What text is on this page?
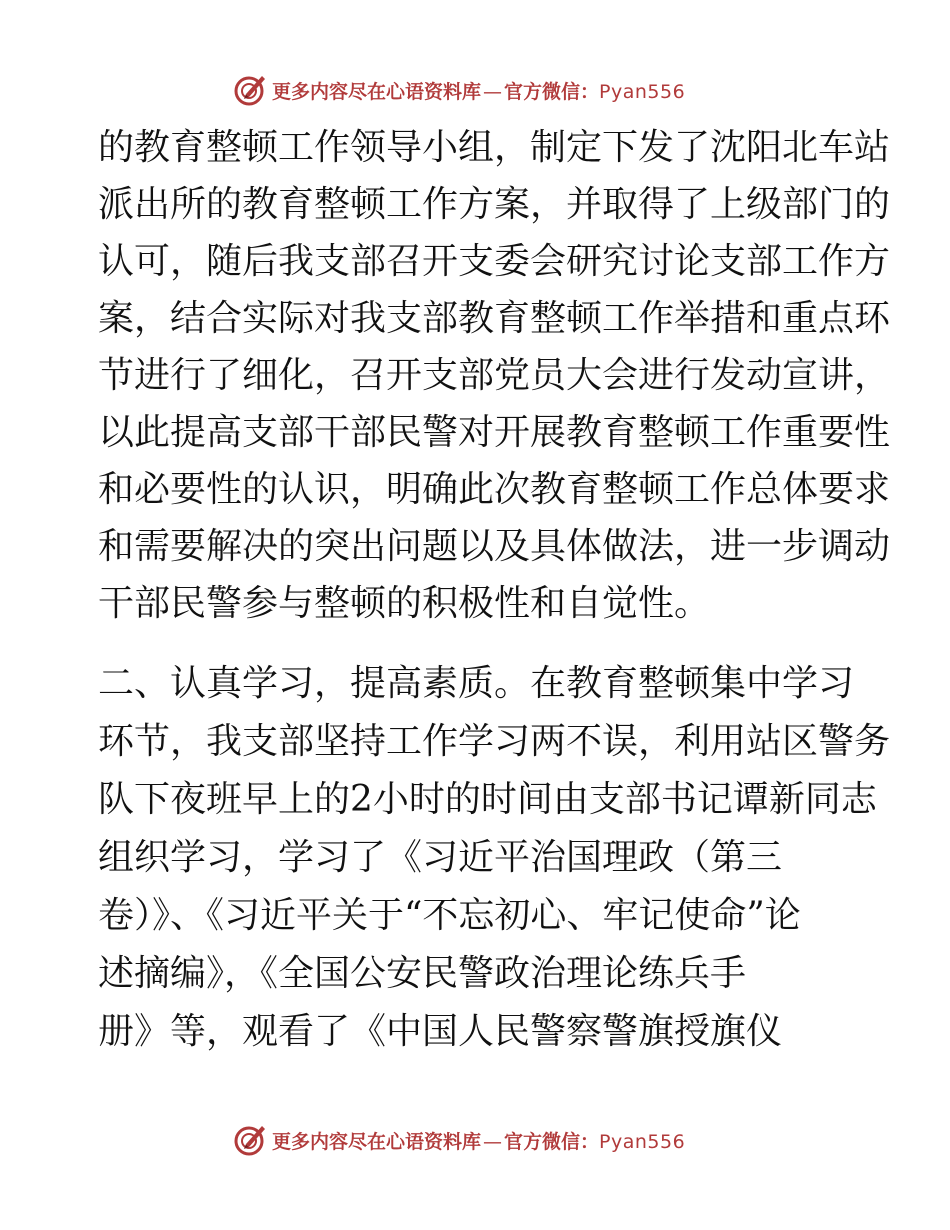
更多内容尽在心语资料库 — 官方微信：Pyan556
的教育整顿工作领导小组，制定下发了沈阳北车站
派出所的教育整顿工作方案，并取得了上级部门的
认可，随后我支部召开支委会研究讨论支部工作方
案，结合实际对我支部教育整顿工作举措和重点环
节进行了细化，召开支部党员大会进行发动宣讲，
以此提高支部干部民警对开展教育整顿工作重要性
和必要性的认识，明确此次教育整顿工作总体要求
和需要解决的突出问题以及具体做法，进一步调动
干部民警参与整顿的积极性和自觉性。
二、认真学习，提高素质。在教育整顿集中学习
环节，我支部坚持工作学习两不误，利用站区警务
队下夜班早上的2小时的时间由支部书记谭新同志
组织学习，学习了《习近平治国理政（第三
卷）》、《习近平关于“不忘初心、牢记使命”论
述摘编》，《全国公安民警政治理论练兵手
册》等，观看了《中国人民警察警旗授旗仪
更多内容尽在心语资料库 — 官方微信：Pyan556
